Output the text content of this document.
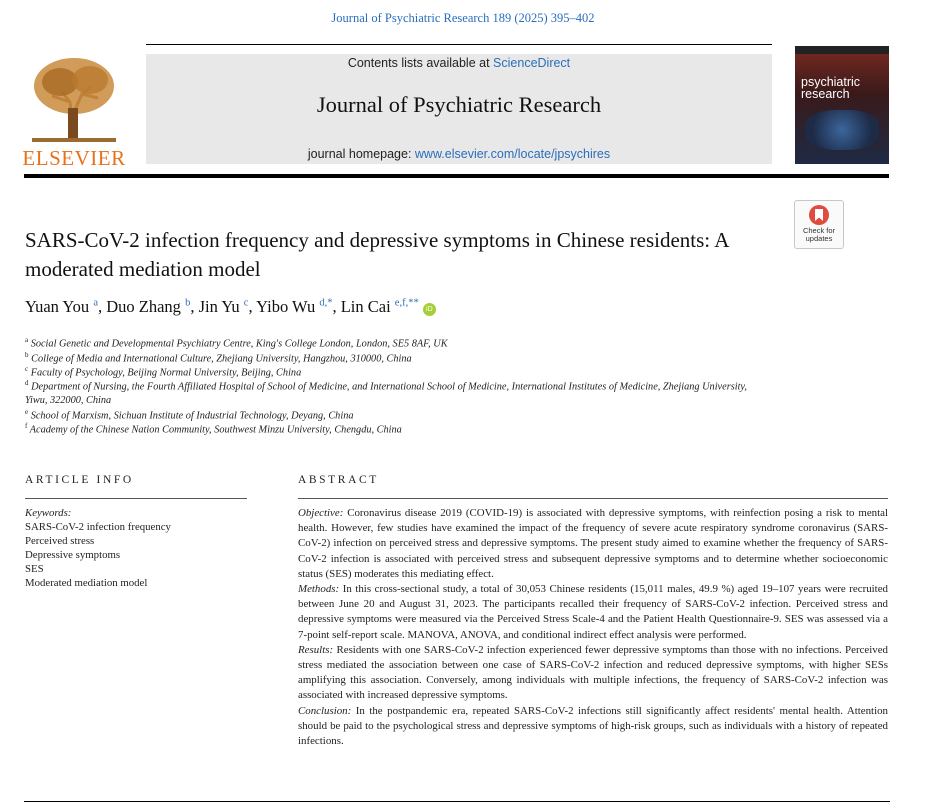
Journal of Psychiatric Research 189 (2025) 395–402
ELSEVIER
Contents lists available at ScienceDirect
Journal of Psychiatric Research
journal homepage: www.elsevier.com/locate/jpsychires
psychiatric research
Check for updates
SARS-CoV-2 infection frequency and depressive symptoms in Chinese residents: A moderated mediation model
Yuan You $^a$, Duo Zhang $^b$, Jin Yu $^c$, Yibo Wu $^{d,*}$, Lin Cai $^{e,f,**}$ iD
$^a$ Social Genetic and Developmental Psychiatry Centre, King's College London, London, SE5 8AF, UK
$^b$ College of Media and International Culture, Zhejiang University, Hangzhou, 310000, China
$^c$ Faculty of Psychology, Beijing Normal University, Beijing, China
$^d$ Department of Nursing, the Fourth Affiliated Hospital of School of Medicine, and International School of Medicine, International Institutes of Medicine, Zhejiang University, Yiwu, 322000, China
$^e$ School of Marxism, Sichuan Institute of Industrial Technology, Deyang, China
$^f$ Academy of the Chinese Nation Community, Southwest Minzu University, Chengdu, China
ARTICLE INFO
Keywords:
SARS-CoV-2 infection frequency
Perceived stress
Depressive symptoms
SES
Moderated mediation model
ABSTRACT
Objective: Coronavirus disease 2019 (COVID-19) is associated with depressive symptoms, with reinfection posing a risk to mental health. However, few studies have examined the impact of the frequency of severe acute respiratory syndrome coronavirus (SARS-CoV-2) infection on perceived stress and depressive symptoms. The present study aimed to examine whether the frequency of SARS-CoV-2 infection is associated with perceived stress and subsequent depressive symptoms and to determine whether socioeconomic status (SES) moderates this mediating effect.
Methods: In this cross-sectional study, a total of 30,053 Chinese residents (15,011 males, 49.9 %) aged 19–107 years were recruited between June 20 and August 31, 2023. The participants recalled their frequency of SARS-CoV-2 infection. Perceived stress and depressive symptoms were measured via the Perceived Stress Scale-4 and the Patient Health Questionnaire-9. SES was assessed via a 7-point self-report scale. MANOVA, ANOVA, and conditional indirect effect analysis were performed.
Results: Residents with one SARS-CoV-2 infection experienced fewer depressive symptoms than those with no infections. Perceived stress mediated the association between one case of SARS-CoV-2 infection and reduced depressive symptoms, with higher SESs amplifying this association. Conversely, among individuals with multiple infections, the frequency of SARS-CoV-2 infection was associated with increased depressive symptoms.
Conclusion: In the postpandemic era, repeated SARS-CoV-2 infections still significantly affect residents' mental health. Attention should be paid to the psychological stress and depressive symptoms of high-risk groups, such as individuals with a history of repeated infections.
